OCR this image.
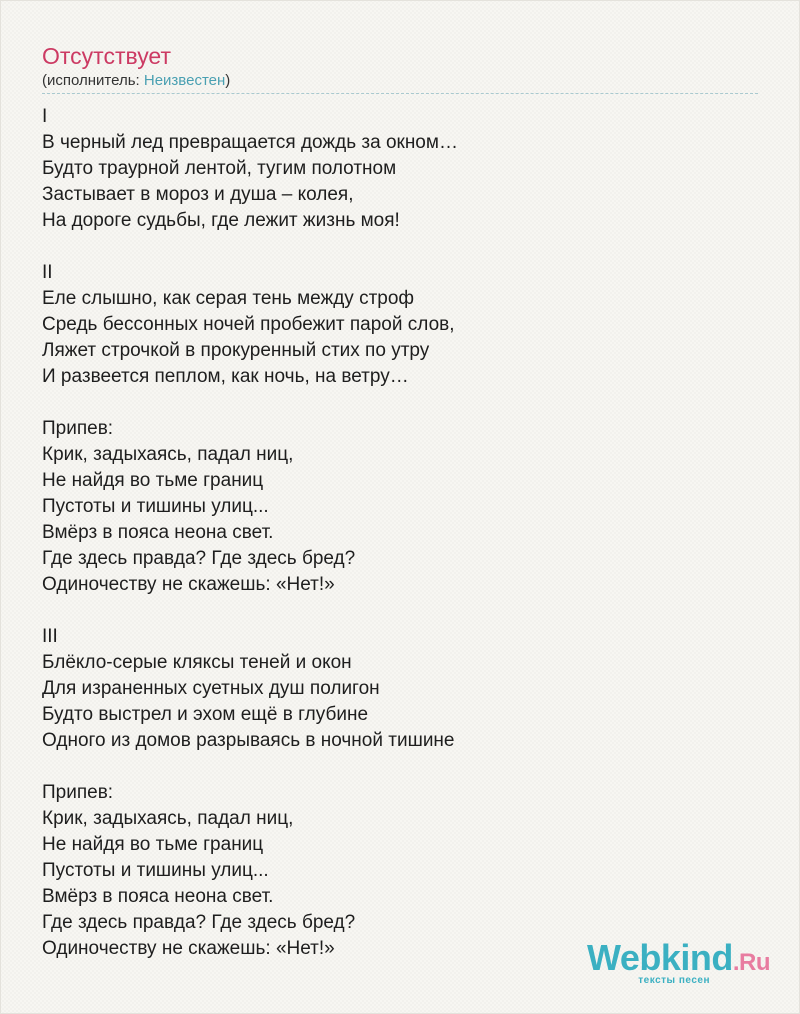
Отсутствует
(исполнитель: Неизвестен)
I
В черный лед превращается дождь за окном…
Будто траурной лентой, тугим полотном
Застывает в мороз и душа – колея,
На дороге судьбы, где лежит жизнь моя!
II
Еле слышно, как серая тень между строф
Средь бессонных ночей пробежит парой слов,
Ляжет строчкой в прокуренный стих по утру
И развеется пеплом, как ночь, на ветру…
Припев:
Крик, задыхаясь, падал ниц,
Не найдя во тьме границ
Пустоты и тишины улиц...
Вмёрз в пояса неона свет.
Где здесь правда? Где здесь бред?
Одиночеству не скажешь: «Нет!»
III
Блёкло-серые кляксы теней и окон
Для израненных суетных душ полигон
Будто выстрел и эхом ещё в глубине
Одного из домов разрываясь в ночной тишине
Припев:
Крик, задыхаясь, падал ниц,
Не найдя во тьме границ
Пустоты и тишины улиц...
Вмёрз в пояса неона свет.
Где здесь правда? Где здесь бред?
Одиночеству не скажешь: «Нет!»	Webkind.Ru
тексты песен
